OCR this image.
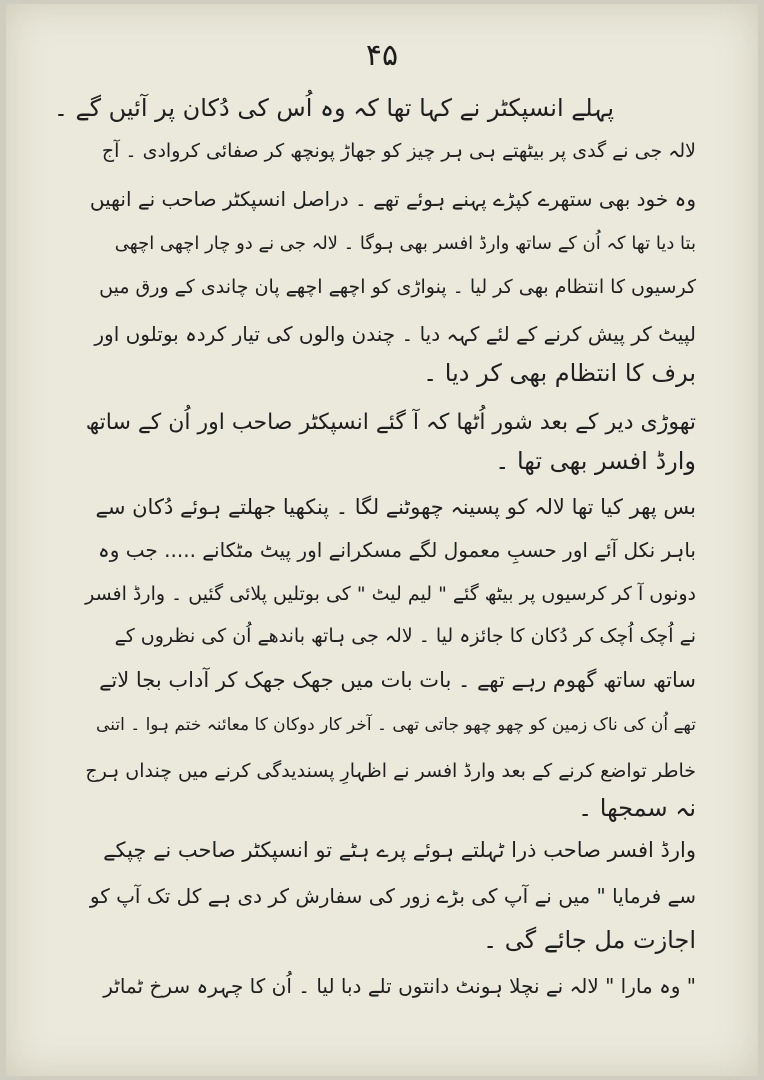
۴۵
پہلے انسپکٹر نے کہا تھا کہ وہ اُس کی دُکان پر آئیں گے ۔
لالہ جی نے گدی پر بیٹھتے ہی ہر چیز کو جھاڑ پونچھ کر صفائی کروادی ۔ آج
وہ خود بھی ستھرے کپڑے پہنے ہوئے تھے ۔ دراصل انسپکٹر صاحب نے انھیں
بتا دیا تھا کہ اُن کے ساتھ وارڈ افسر بھی ہوگا ۔ لالہ جی نے دو چار اچھی اچھی
کرسیوں کا انتظام بھی کر لیا ۔ پنواڑی کو اچھے اچھے پان چاندی کے ورق میں
لپیٹ کر پیش کرنے کے لئے کہہ دیا ۔ چندن والوں کی تیار کردہ بوتلوں اور
برف کا انتظام بھی کر دیا ۔
تھوڑی دیر کے بعد شور اُٹھا کہ آ گئے انسپکٹر صاحب اور اُن کے ساتھ
وارڈ افسر بھی تھا ۔
بس پھر کیا تھا لالہ کو پسینہ چھوٹنے لگا ۔ پنکھیا جھلتے ہوئے دُکان سے
باہر نکل آئے اور حسبِ معمول لگے مسکرانے اور پیٹ مٹکانے ..... جب وہ
دونوں آ کر کرسیوں پر بیٹھ گئے " لیم لیٹ " کی بوتلیں پلائی گئیں ۔ وارڈ افسر
نے اُچک اُچک کر دُکان کا جائزہ لیا ۔ لالہ جی ہاتھ باندھے اُن کی نظروں کے
ساتھ ساتھ گھوم رہے تھے ۔ بات بات میں جھک جھک کر آداب بجا لاتے
تھے اُن کی ناک زمین کو چھو چھو جاتی تھی ۔ آخر کار دوکان کا معائنہ ختم ہوا ۔ اتنی
خاطر تواضع کرنے کے بعد وارڈ افسر نے اظہارِ پسندیدگی کرنے میں چنداں ہرج
نہ سمجھا ۔
وارڈ افسر صاحب ذرا ٹہلتے ہوئے پرے ہٹے تو انسپکٹر صاحب نے چپکے
سے فرمایا " میں نے آپ کی بڑے زور کی سفارش کر دی ہے کل تک آپ کو
اجازت مل جائے گی ۔
" وہ مارا " لالہ نے نچلا ہونٹ دانتوں تلے دبا لیا ۔ اُن کا چہرہ سرخ ٹماٹر
